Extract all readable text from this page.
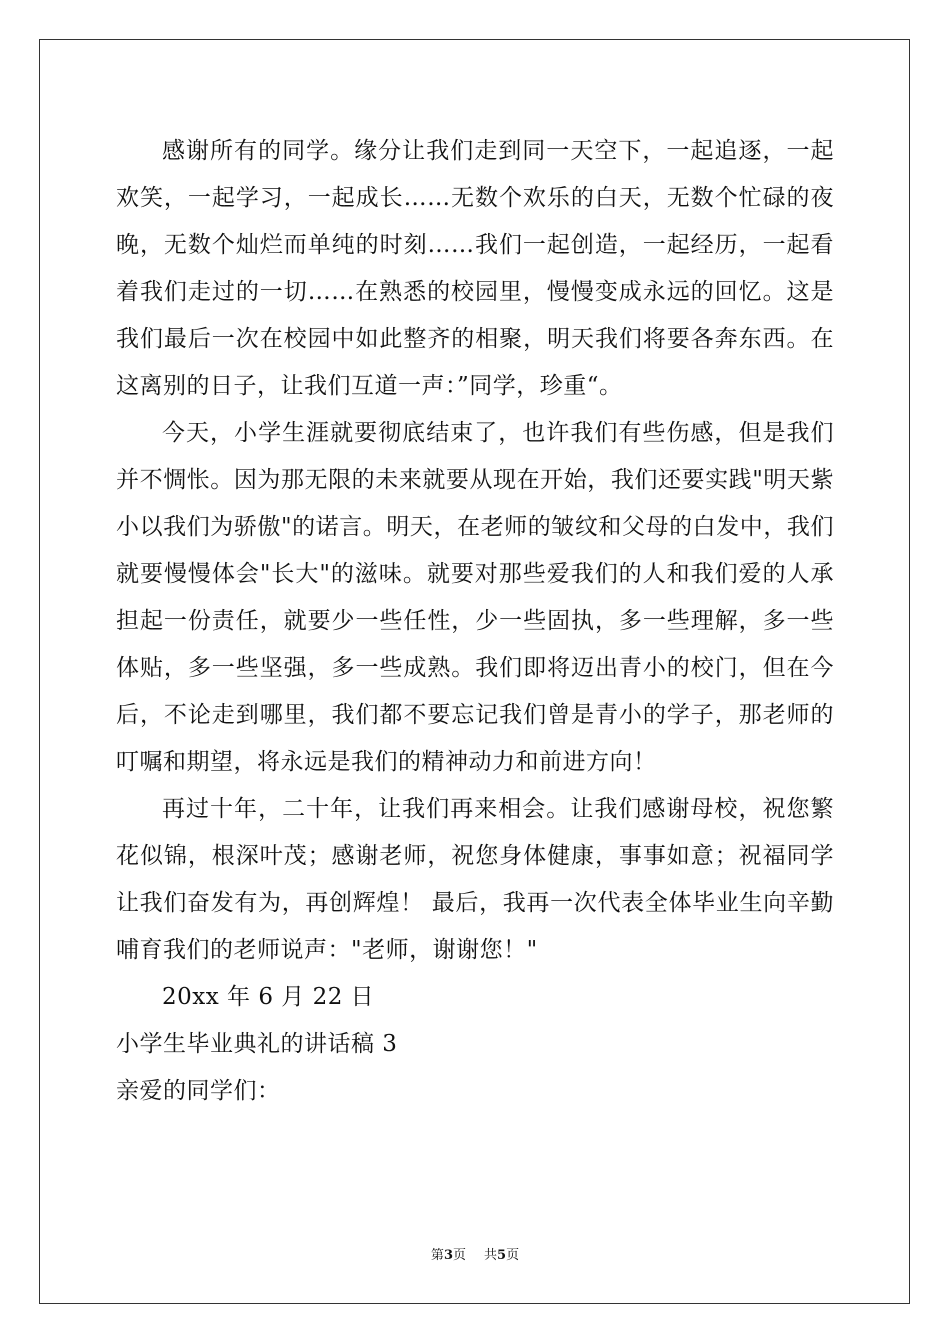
感谢所有的同学。缘分让我们走到同一天空下，一起追逐，一起欢笑，一起学习，一起成长……无数个欢乐的白天，无数个忙碌的夜晚，无数个灿烂而单纯的时刻……我们一起创造，一起经历，一起看着我们走过的一切……在熟悉的校园里，慢慢变成永远的回忆。这是我们最后一次在校园中如此整齐的相聚，明天我们将要各奔东西。在这离别的日子，让我们互道一声：”同学，珍重“。

今天，小学生涯就要彻底结束了，也许我们有些伤感，但是我们并不惆怅。因为那无限的未来就要从现在开始，我们还要实践"明天紫小以我们为骄傲"的诺言。明天，在老师的皱纹和父母的白发中，我们就要慢慢体会"长大"的滋味。就要对那些爱我们的人和我们爱的人承担起一份责任，就要少一些任性，少一些固执，多一些理解，多一些体贴，多一些坚强，多一些成熟。我们即将迈出青小的校门，但在今后，不论走到哪里，我们都不要忘记我们曾是青小的学子，那老师的叮嘱和期望，将永远是我们的精神动力和前进方向！

再过十年，二十年，让我们再来相会。让我们感谢母校，祝您繁花似锦，根深叶茂；感谢老师，祝您身体健康，事事如意；祝福同学让我们奋发有为，再创辉煌！ 最后，我再一次代表全体毕业生向辛勤哺育我们的老师说声："老师，谢谢您！"

20xx 年 6 月 22 日

小学生毕业典礼的讲话稿 3

亲爱的同学们：

第3页 共5页
